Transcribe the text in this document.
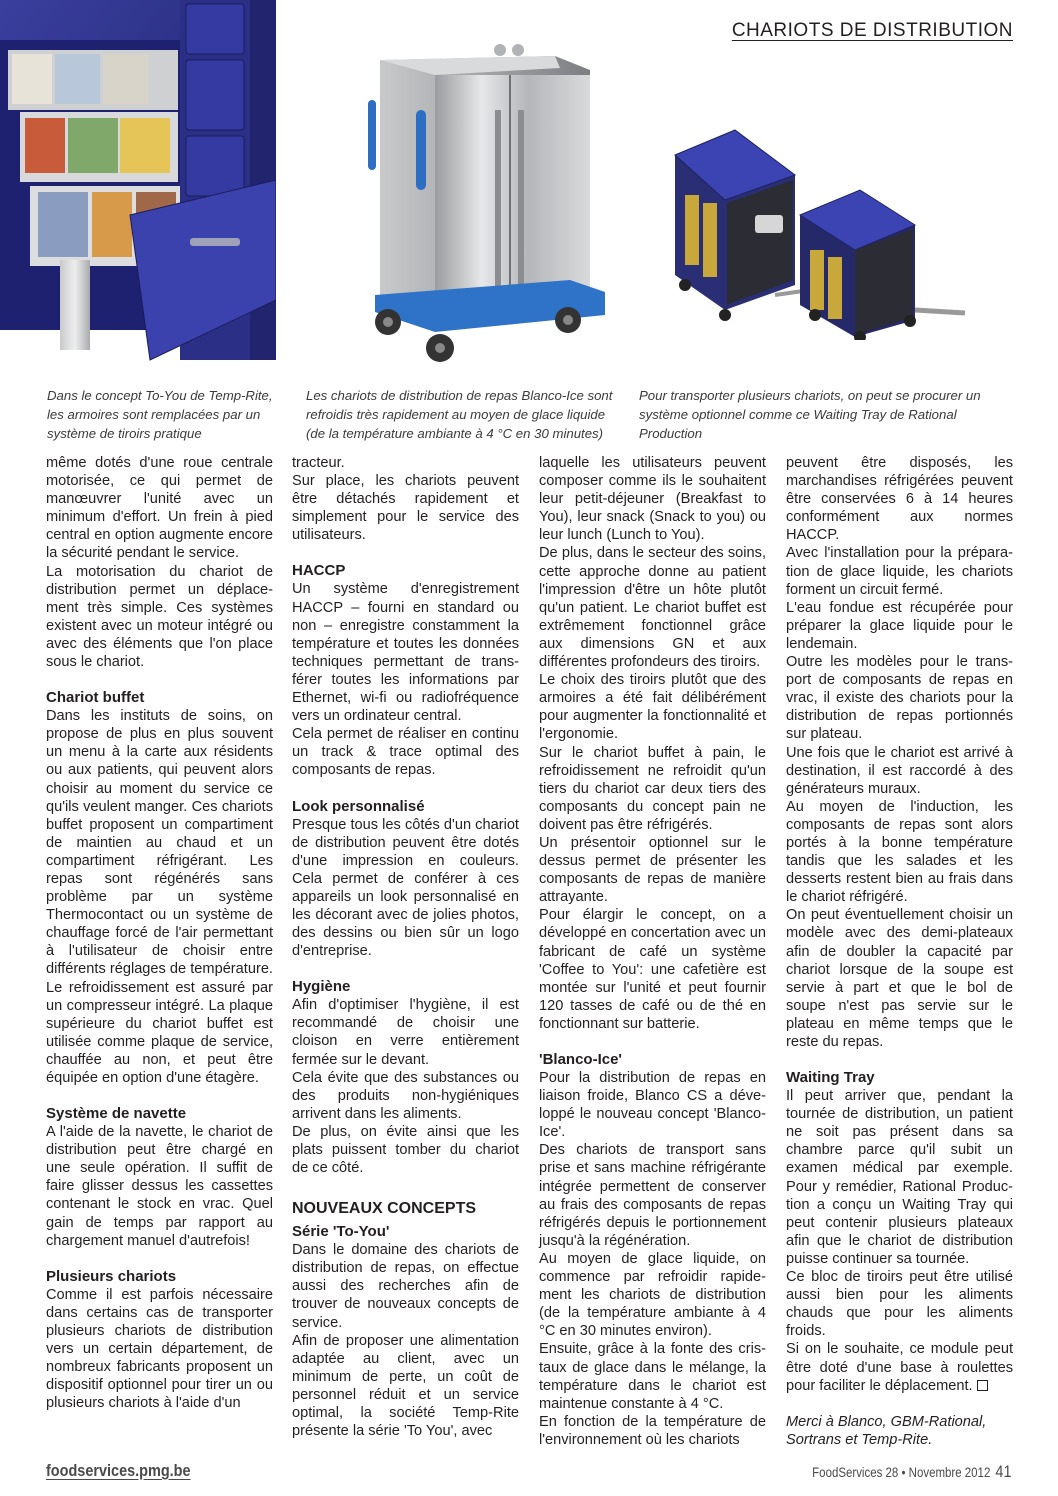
CHARIOTS DE DISTRIBUTION
Dans le concept To-You de Temp-Rite, les armoires sont remplacées par un système de tiroirs pratique
Les chariots de distribution de repas Blanco-Ice sont refroidis très rapidement au moyen de glace liquide (de la température ambiante à 4 °C en 30 minutes)
Pour transporter plusieurs chariots, on peut se procurer un système optionnel comme ce Waiting Tray de Rational Production

même dotés d'une roue centrale motorisée, ce qui permet de manœuvrer l'unité avec un minimum d'effort. Un frein à pied central en option augmente encore la sécurité pendant le service.

La motorisation du chariot de distribution permet un déplacement très simple. Ces systèmes existent avec un moteur intégré ou avec des éléments que l'on place sous le chariot.

Chariot buffet

Dans les instituts de soins, on propose de plus en plus souvent un menu à la carte aux résidents ou aux patients, qui peuvent alors choisir au moment du service ce qu'ils veulent manger. Ces chariots buffet proposent un compartiment de maintien au chaud et un compartiment réfrigérant. Les repas sont régénérés sans problème par un système Thermocontact ou un système de chauffage forcé de l'air permettant à l'utilisateur de choisir entre différents réglages de température. Le refroidissement est assuré par un compresseur intégré. La plaque supérieure du chariot buffet est utilisée comme plaque de service, chauffée au non, et peut être équipée en option d'une étagère.

Système de navette

A l'aide de la navette, le chariot de distribution peut être chargé en une seule opération. Il suffit de faire glisser dessus les cassettes contenant le stock en vrac. Quel gain de temps par rapport au chargement manuel d'autrefois!

Plusieurs chariots

Comme il est parfois nécessaire dans certains cas de transporter plusieurs chariots de distribution vers un certain département, de nombreux fabricants proposent un dispositif optionnel pour tirer un ou plusieurs chariots à l'aide d'un

tracteur.

Sur place, les chariots peuvent être détachés rapidement et simplement pour le service des utilisateurs.

HACCP

Un système d'enregistrement HACCP – fourni en standard ou non – enregistre constamment la température et toutes les données techniques permettant de transférer toutes les informations par Ethernet, wi-fi ou radiofréquence vers un ordinateur central.

Cela permet de réaliser en continu un track & trace optimal des composants de repas.

Look personnalisé

Presque tous les côtés d'un chariot de distribution peuvent être dotés d'une impression en couleurs. Cela permet de conférer à ces appareils un look personnalisé en les décorant avec de jolies photos, des dessins ou bien sûr un logo d'entreprise.

Hygiène

Afin d'optimiser l'hygiène, il est recommandé de choisir une cloison en verre entièrement fermée sur le devant.

Cela évite que des substances ou des produits non-hygiéniques arrivent dans les aliments.

De plus, on évite ainsi que les plats puissent tomber du chariot de ce côté.

NOUVEAUX CONCEPTS
Série 'To-You'

Dans le domaine des chariots de distribution de repas, on effectue aussi des recherches afin de trouver de nouveaux concepts de service.

Afin de proposer une alimentation adaptée au client, avec un minimum de perte, un coût de personnel réduit et un service optimal, la société Temp-Rite présente la série 'To You', avec

laquelle les utilisateurs peuvent composer comme ils le souhaitent leur petit-déjeuner (Breakfast to You), leur snack (Snack to you) ou leur lunch (Lunch to You).

De plus, dans le secteur des soins, cette approche donne au patient l'impression d'être un hôte plutôt qu'un patient. Le chariot buffet est extrêmement fonctionnel grâce aux dimensions GN et aux différentes profondeurs des tiroirs.

Le choix des tiroirs plutôt que des armoires a été fait délibérément pour augmenter la fonctionnalité et l'ergonomie.

Sur le chariot buffet à pain, le refroidissement ne refroidit qu'un tiers du chariot car deux tiers des composants du concept pain ne doivent pas être réfrigérés.

Un présentoir optionnel sur le dessus permet de présenter les composants de repas de manière attrayante.

Pour élargir le concept, on a développé en concertation avec un fabricant de café un système 'Coffee to You': une cafetière est montée sur l'unité et peut fournir 120 tasses de café ou de thé en fonctionnant sur batterie.

'Blanco-Ice'

Pour la distribution de repas en liaison froide, Blanco CS a développé le nouveau concept 'Blanco-Ice'.

Des chariots de transport sans prise et sans machine réfrigérante intégrée permettent de conserver au frais des composants de repas réfrigérés depuis le portionnement jusqu'à la régénération.

Au moyen de glace liquide, on commence par refroidir rapidement les chariots de distribution (de la température ambiante à 4 °C en 30 minutes environ).

Ensuite, grâce à la fonte des cristaux de glace dans le mélange, la température dans le chariot est maintenue constante à 4 °C.

En fonction de la température de l'environnement où les chariots

peuvent être disposés, les marchandises réfrigérées peuvent être conservées 6 à 14 heures conformément aux normes HACCP.

Avec l'installation pour la préparation de glace liquide, les chariots forment un circuit fermé.

L'eau fondue est récupérée pour préparer la glace liquide pour le lendemain.

Outre les modèles pour le transport de composants de repas en vrac, il existe des chariots pour la distribution de repas portionnés sur plateau.

Une fois que le chariot est arrivé à destination, il est raccordé à des générateurs muraux.

Au moyen de l'induction, les composants de repas sont alors portés à la bonne température tandis que les salades et les desserts restent bien au frais dans le chariot réfrigéré.

On peut éventuellement choisir un modèle avec des demi-plateaux afin de doubler la capacité par chariot lorsque de la soupe est servie à part et que le bol de soupe n'est pas servie sur le plateau en même temps que le reste du repas.

Waiting Tray

Il peut arriver que, pendant la tournée de distribution, un patient ne soit pas présent dans sa chambre parce qu'il subit un examen médical par exemple. Pour y remédier, Rational Production a conçu un Waiting Tray qui peut contenir plusieurs plateaux afin que le chariot de distribution puisse continuer sa tournée.

Ce bloc de tiroirs peut être utilisé aussi bien pour les aliments chauds que pour les aliments froids.

Si on le souhaite, ce module peut être doté d'une base à roulettes pour faciliter le déplacement.

Merci à Blanco, GBM-Rational, Sortrans et Temp-Rite.

foodservices.pmg.be	FoodServices 28 • Novembre 2012 41
